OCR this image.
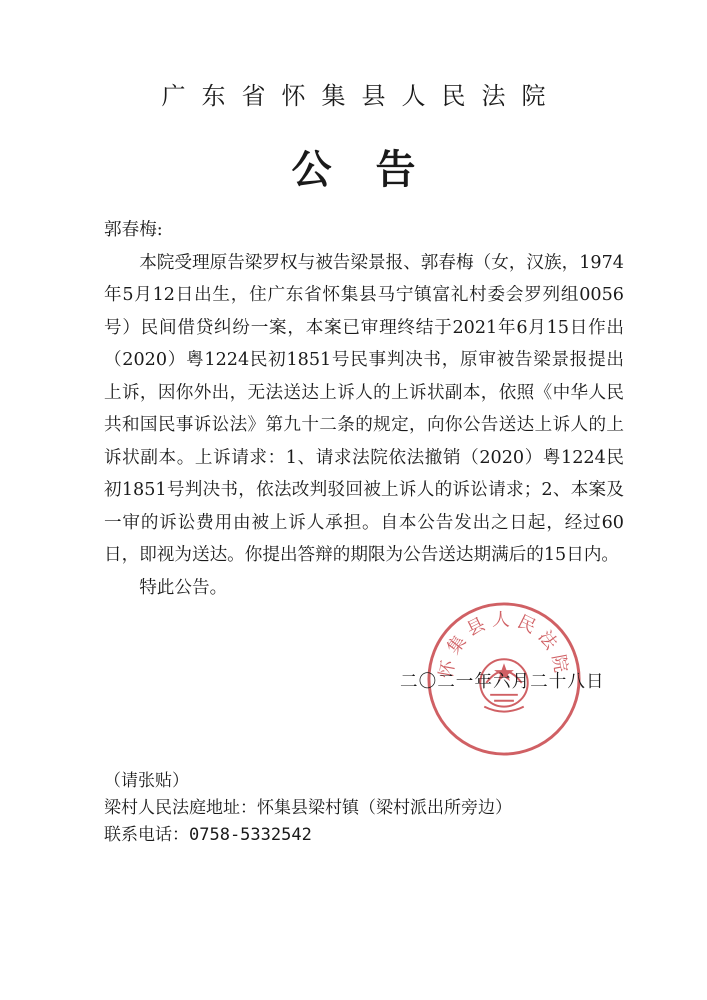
广东省怀集县人民法院
公告

郭春梅:

本院受理原告梁罗权与被告梁景报、郭春梅（女，汉族，1974年5月12日出生，住广东省怀集县马宁镇富礼村委会罗列组0056号）民间借贷纠纷一案，本案已审理终结于2021年6月15日作出（2020）粤1224民初1851号民事判决书，原审被告梁景报提出上诉，因你外出，无法送达上诉人的上诉状副本，依照《中华人民共和国民事诉讼法》第九十二条的规定，向你公告送达上诉人的上诉状副本。上诉请求：1、请求法院依法撤销（2020）粤1224民初1851号判决书，依法改判驳回被上诉人的诉讼请求；2、本案及一审的诉讼费用由被上诉人承担。自本公告发出之日起，经过60日，即视为送达。你提出答辩的期限为公告送达期满后的15日内。

特此公告。

怀集县人民法院
二〇二一年六月二十八日
（请张贴）
梁村人民法庭地址：怀集县梁村镇（梁村派出所旁边）
联系电话：0758-5332542
